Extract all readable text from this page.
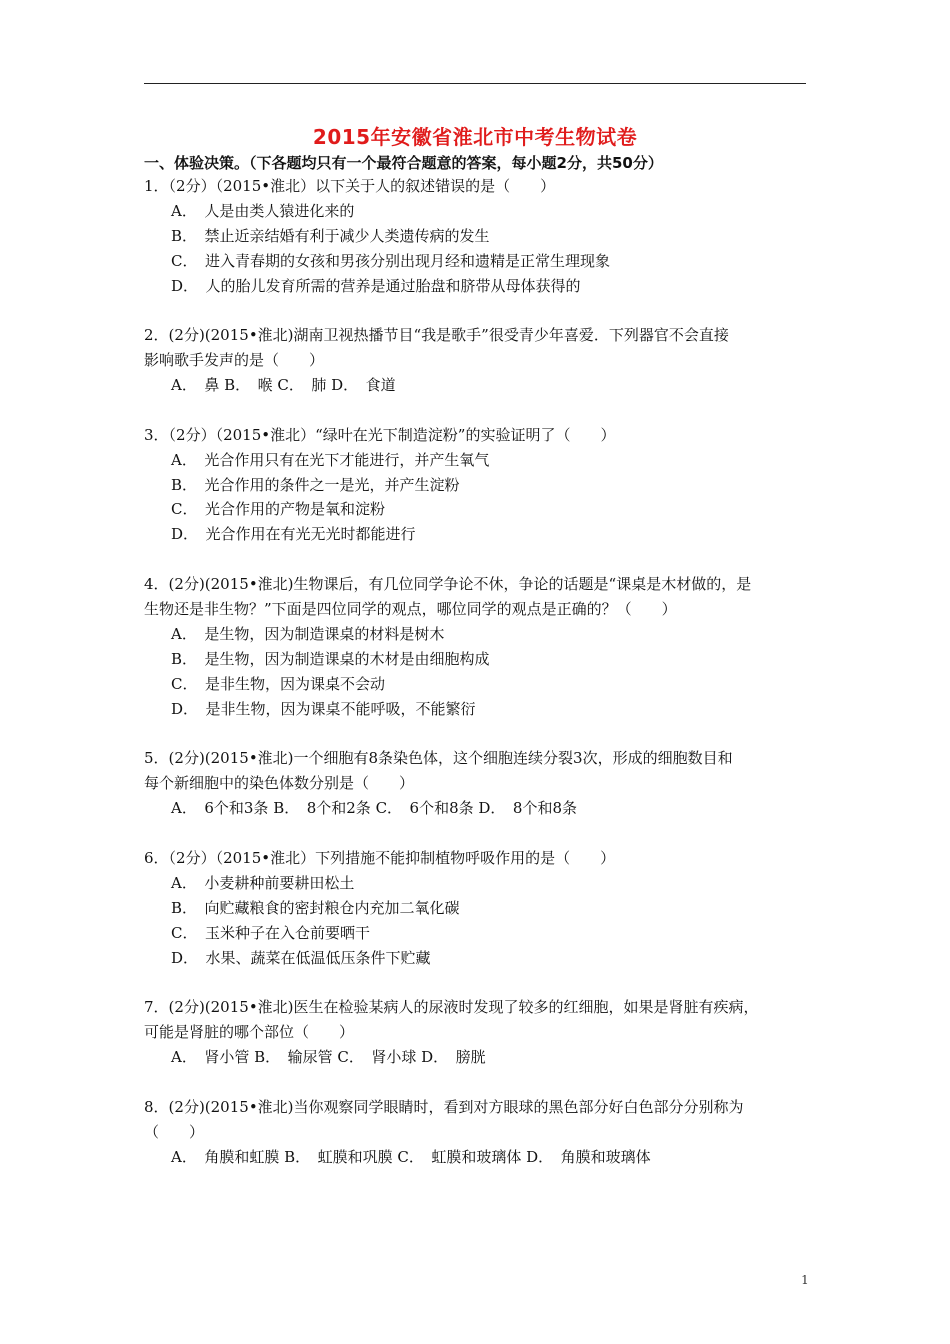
2015年安徽省淮北市中考生物试卷
一、体验决策。（下各题均只有一个最符合题意的答案，每小题2分，共50分）
1．（2分）（2015•淮北）以下关于人的叙述错误的是（　　）
A．　人是由类人猿进化来的
B．　禁止近亲结婚有利于减少人类遗传病的发生
C．　进入青春期的女孩和男孩分别出现月经和遗精是正常生理现象
D．　人的胎儿发育所需的营养是通过胎盘和脐带从母体获得的
2．(2分)(2015•淮北)湖南卫视热播节目“我是歌手”很受青少年喜爱．下列器官不会直接
影响歌手发声的是（　　）
A．　鼻 B．　喉 C．　肺 D．　食道
3．（2分）（2015•淮北）“绿叶在光下制造淀粉”的实验证明了（　　）
A．　光合作用只有在光下才能进行，并产生氧气
B．　光合作用的条件之一是光，并产生淀粉
C．　光合作用的产物是氧和淀粉
D．　光合作用在有光无光时都能进行
4．(2分)(2015•淮北)生物课后，有几位同学争论不休，争论的话题是“课桌是木材做的，是
生物还是非生物？”下面是四位同学的观点，哪位同学的观点是正确的？（　　）
A．　是生物，因为制造课桌的材料是树木
B．　是生物，因为制造课桌的木材是由细胞构成
C．　是非生物，因为课桌不会动
D．　是非生物，因为课桌不能呼吸，不能繁衍
5．(2分)(2015•淮北)一个细胞有8条染色体，这个细胞连续分裂3次，形成的细胞数目和
每个新细胞中的染色体数分别是（　　）
A．　6个和3条 B．　8个和2条 C．　6个和8条 D．　8个和8条
6．（2分）（2015•淮北）下列措施不能抑制植物呼吸作用的是（　　）
A．　小麦耕种前要耕田松土
B．　向贮藏粮食的密封粮仓内充加二氧化碳
C．　玉米种子在入仓前要晒干
D．　水果、蔬菜在低温低压条件下贮藏
7．(2分)(2015•淮北)医生在检验某病人的尿液时发现了较多的红细胞，如果是肾脏有疾病，
可能是肾脏的哪个部位（　　）
A．　肾小管 B．　输尿管 C．　肾小球 D．　膀胱
8．(2分)(2015•淮北)当你观察同学眼睛时，看到对方眼球的黑色部分好白色部分分别称为
（　　）
A．　角膜和虹膜 B．　虹膜和巩膜 C．　虹膜和玻璃体 D．　角膜和玻璃体
1
